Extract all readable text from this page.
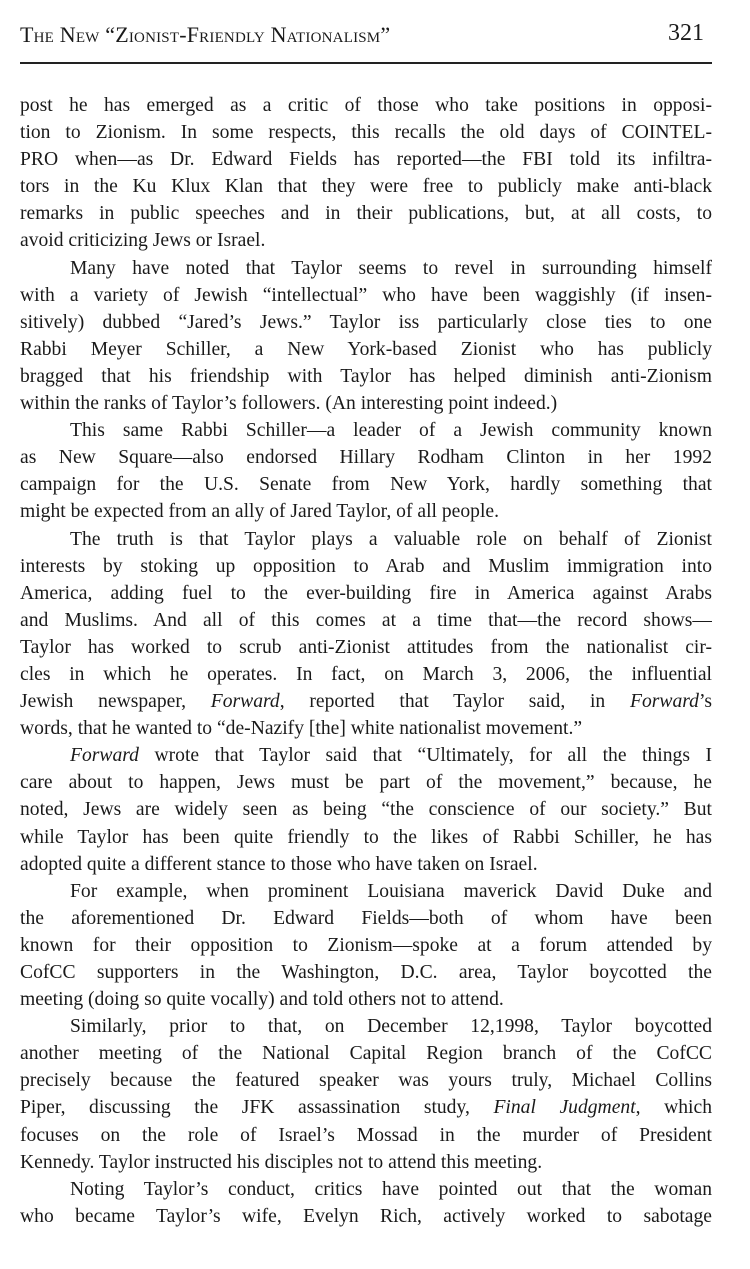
The New “Zionist-Friendly Nationalism”	321
post he has emerged as a critic of those who take positions in opposi-
tion to Zionism. In some respects, this recalls the old days of COINTEL-
PRO when—as Dr. Edward Fields has reported—the FBI told its infiltra-
tors in the Ku Klux Klan that they were free to publicly make anti-black
remarks in public speeches and in their publications, but, at all costs, to
avoid criticizing Jews or Israel.
Many have noted that Taylor seems to revel in surrounding himself
with a variety of Jewish “intellectual” who have been waggishly (if insen-
sitively) dubbed “Jared’s Jews.” Taylor iss particularly close ties to one
Rabbi Meyer Schiller, a New York-based Zionist who has publicly
bragged that his friendship with Taylor has helped diminish anti-Zionism
within the ranks of Taylor’s followers. (An interesting point indeed.)
This same Rabbi Schiller—a leader of a Jewish community known
as New Square—also endorsed Hillary Rodham Clinton in her 1992
campaign for the U.S. Senate from New York, hardly something that
might be expected from an ally of Jared Taylor, of all people.
The truth is that Taylor plays a valuable role on behalf of Zionist
interests by stoking up opposition to Arab and Muslim immigration into
America, adding fuel to the ever-building fire in America against Arabs
and Muslims. And all of this comes at a time that—the record shows—
Taylor has worked to scrub anti-Zionist attitudes from the nationalist cir-
cles in which he operates. In fact, on March 3, 2006, the influential
Jewish newspaper, Forward, reported that Taylor said, in Forward’s
words, that he wanted to “de-Nazify [the] white nationalist movement.”
Forward wrote that Taylor said that “Ultimately, for all the things I
care about to happen, Jews must be part of the movement,” because, he
noted, Jews are widely seen as being “the conscience of our society.” But
while Taylor has been quite friendly to the likes of Rabbi Schiller, he has
adopted quite a different stance to those who have taken on Israel.
For example, when prominent Louisiana maverick David Duke and
the aforementioned Dr. Edward Fields—both of whom have been
known for their opposition to Zionism—spoke at a forum attended by
CofCC supporters in the Washington, D.C. area, Taylor boycotted the
meeting (doing so quite vocally) and told others not to attend.
Similarly, prior to that, on December 12,1998, Taylor boycotted
another meeting of the National Capital Region branch of the CofCC
precisely because the featured speaker was yours truly, Michael Collins
Piper, discussing the JFK assassination study, Final Judgment, which
focuses on the role of Israel’s Mossad in the murder of President
Kennedy. Taylor instructed his disciples not to attend this meeting.
Noting Taylor’s conduct, critics have pointed out that the woman
who became Taylor’s wife, Evelyn Rich, actively worked to sabotage
